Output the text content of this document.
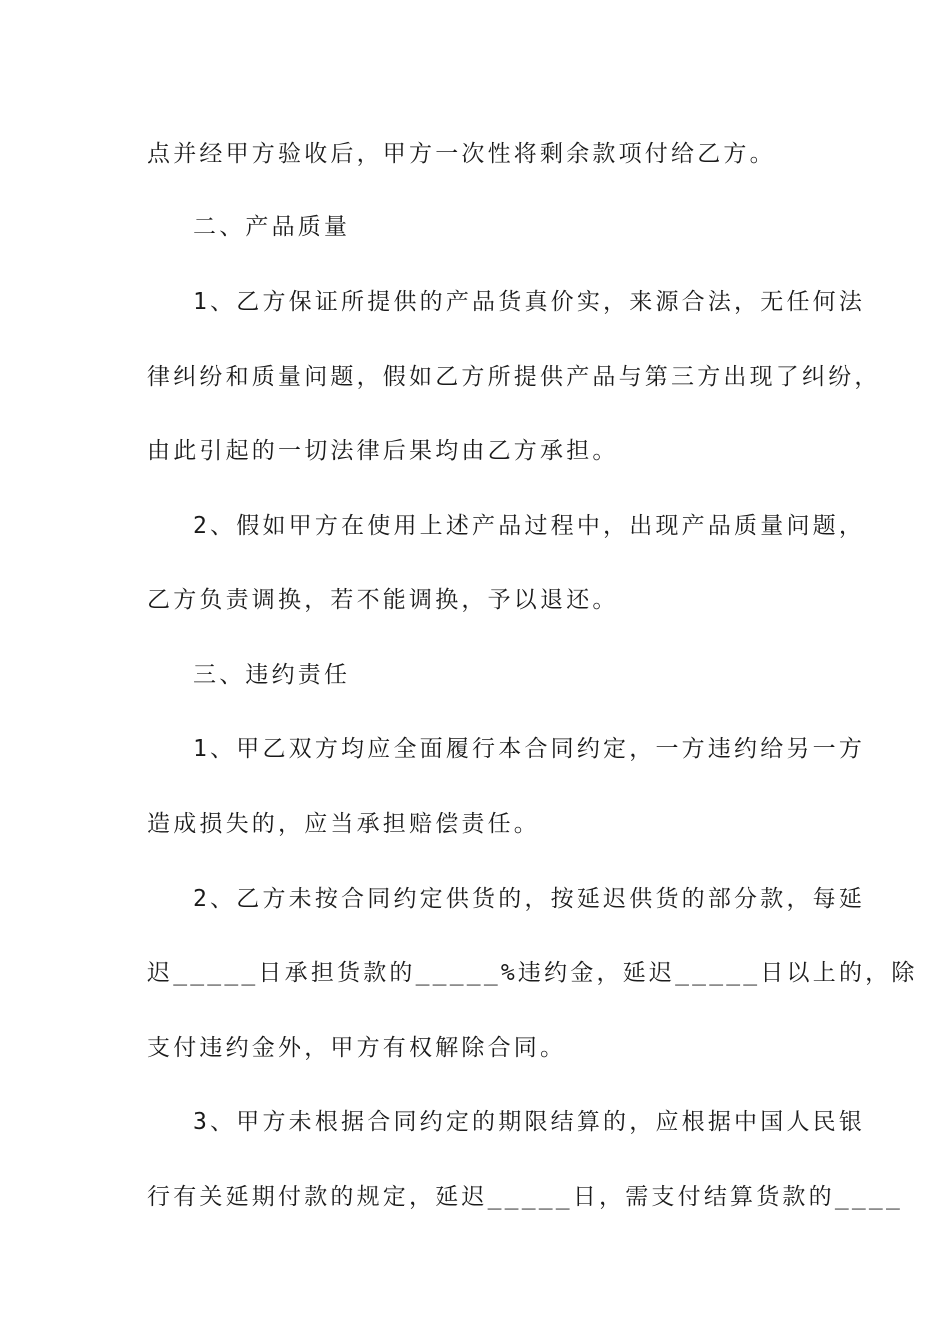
点并经甲方验收后，甲方一次性将剩余款项付给乙方。
二、产品质量
1、乙方保证所提供的产品货真价实，来源合法，无任何法
律纠纷和质量问题，假如乙方所提供产品与第三方出现了纠纷，
由此引起的一切法律后果均由乙方承担。
2、假如甲方在使用上述产品过程中，出现产品质量问题，
乙方负责调换，若不能调换，予以退还。
三、违约责任
1、甲乙双方均应全面履行本合同约定，一方违约给另一方
造成损失的，应当承担赔偿责任。
2、乙方未按合同约定供货的，按延迟供货的部分款，每延
迟_____日承担货款的_____%违约金，延迟_____日以上的，除
支付违约金外，甲方有权解除合同。
3、甲方未根据合同约定的期限结算的，应根据中国人民银
行有关延期付款的规定，延迟_____日，需支付结算货款的____
